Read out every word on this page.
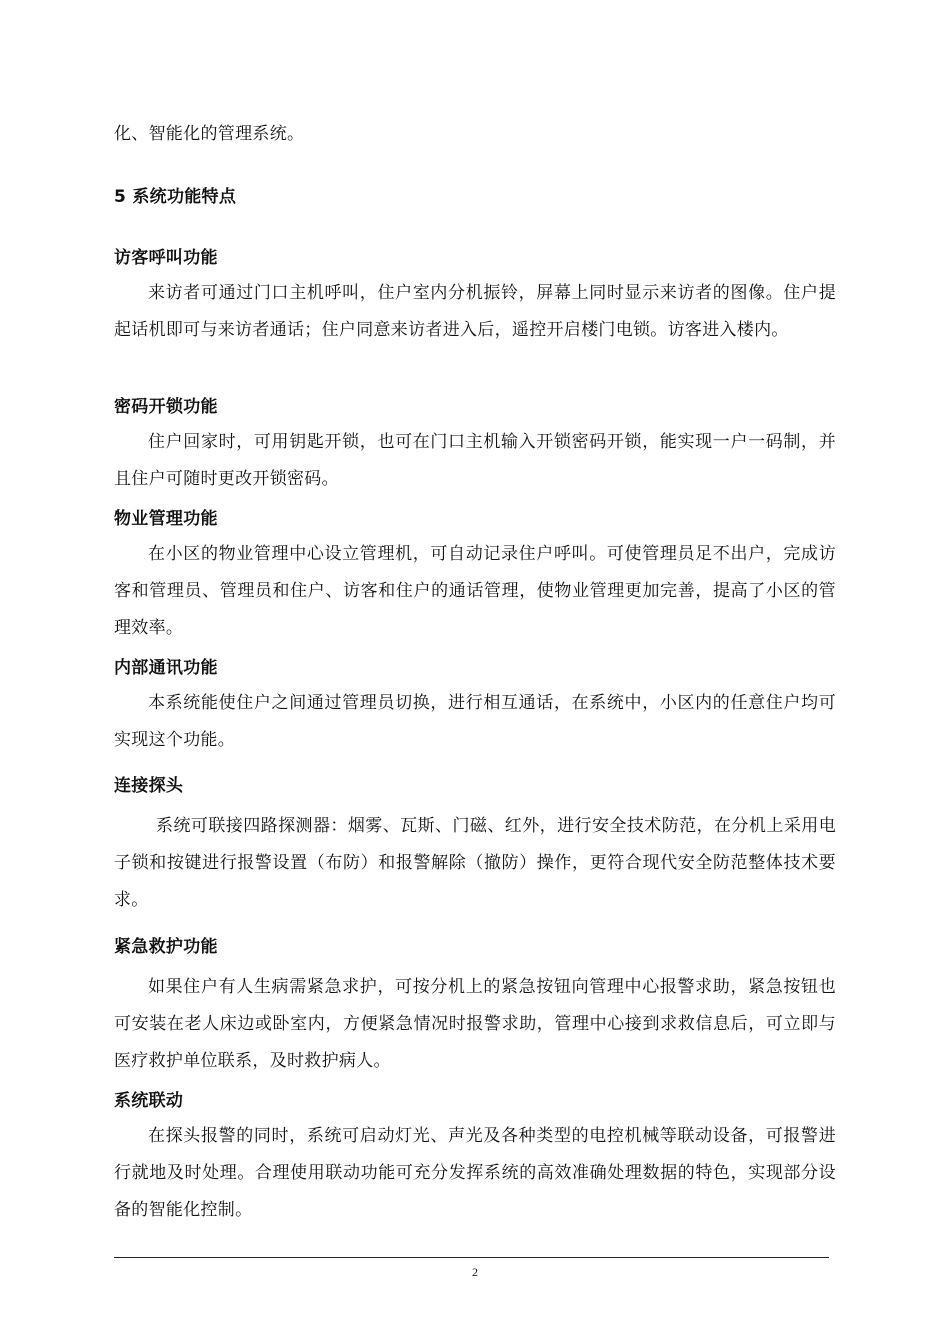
化、智能化的管理系统。

5 系统功能特点
访客呼叫功能

来访者可通过门口主机呼叫，住户室内分机振铃，屏幕上同时显示来访者的图像。住户提起话机即可与来访者通话；住户同意来访者进入后，遥控开启楼门电锁。访客进入楼内。

密码开锁功能

住户回家时，可用钥匙开锁，也可在门口主机输入开锁密码开锁，能实现一户一码制，并且住户可随时更改开锁密码。

物业管理功能

在小区的物业管理中心设立管理机，可自动记录住户呼叫。可使管理员足不出户，完成访客和管理员、管理员和住户、访客和住户的通话管理，使物业管理更加完善，提高了小区的管理效率。

内部通讯功能

本系统能使住户之间通过管理员切换，进行相互通话，在系统中，小区内的任意住户均可实现这个功能。

连接探头

系统可联接四路探测器：烟雾、瓦斯、门磁、红外，进行安全技术防范，在分机上采用电子锁和按键进行报警设置（布防）和报警解除（撤防）操作，更符合现代安全防范整体技术要求。

紧急救护功能

如果住户有人生病需紧急求护，可按分机上的紧急按钮向管理中心报警求助，紧急按钮也可安装在老人床边或卧室内，方便紧急情况时报警求助，管理中心接到求救信息后，可立即与医疗救护单位联系，及时救护病人。

系统联动

在探头报警的同时，系统可启动灯光、声光及各种类型的电控机械等联动设备，可报警进行就地及时处理。合理使用联动功能可充分发挥系统的高效准确处理数据的特色，实现部分设备的智能化控制。

2
